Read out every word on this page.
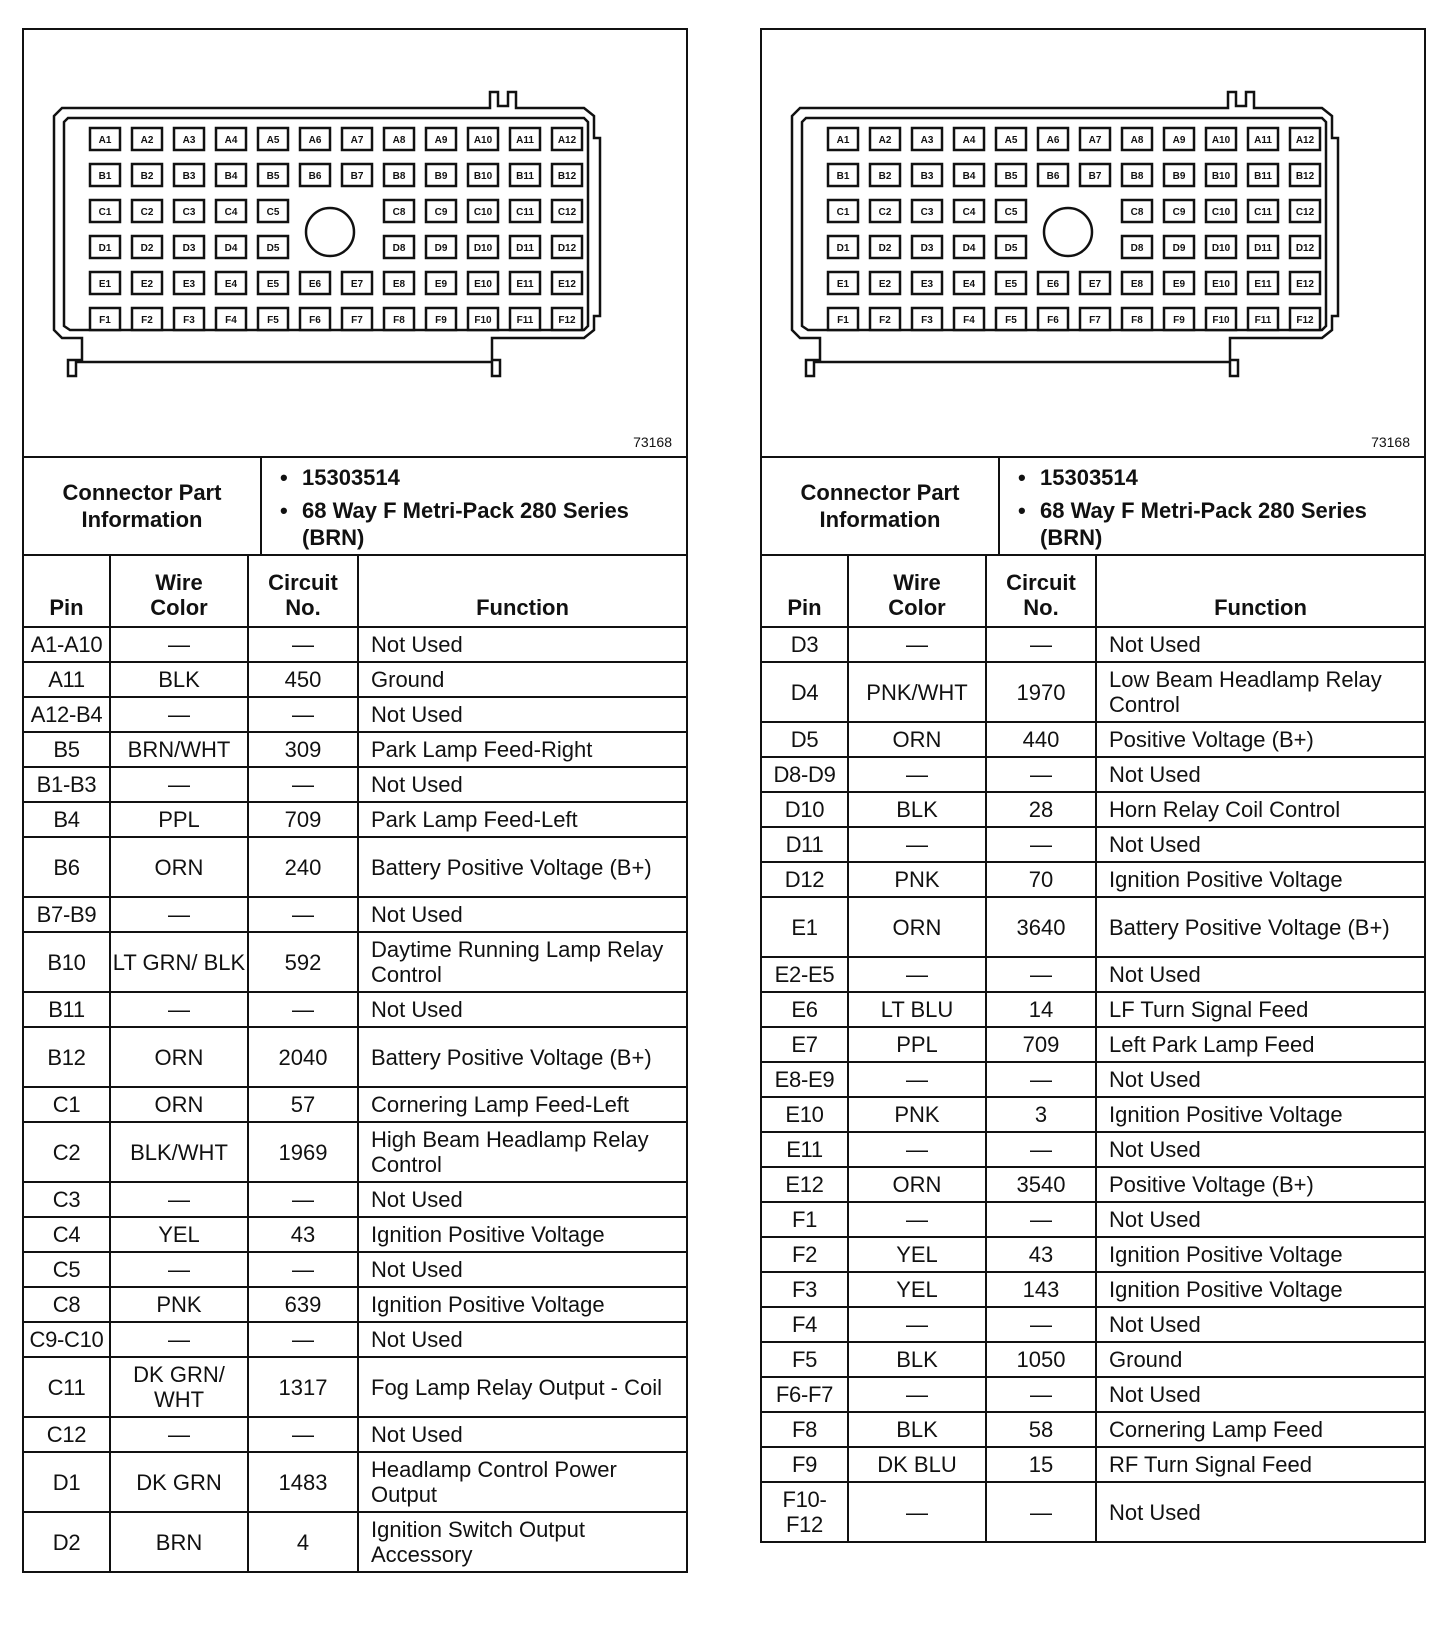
A1	A2	A3	A4	A5	A6	A7	A8	A9	A10 A11 A12
B1	B2	B3	B4	B5	B6	B7	B8	B9	B10 B11 B12
C1	C2	C3	C4	C5	C8	C9	C10 C11 C12
D1	D2	D3	D4	D5	D8	D9	D10 D11 D12
E1	E2	E3	E4	E5	E6	E7	E8	E9	E10 E11 E12
F1	F2	F3	F4	F5	F6	F7	F8	F9	F10	F11	F12
73168
Connector Part Information
• 15303514
• 68 Way F Metri-Pack 280 Series (BRN)
Pin	Wire Color	Circuit No.	Function
A1-A10	—	—	Not Used
A11	BLK	450	Ground
A12-B4	—	—	Not Used
B5	BRN/WHT	309	Park Lamp Feed-Right
B1-B3	—	—	Not Used
B4	PPL	709	Park Lamp Feed-Left
B6	ORN	240	Battery Positive Voltage (B+)
B7-B9	—	—	Not Used
B10	LT GRN/ BLK	592	Daytime Running Lamp Relay Control
B11	—	—	Not Used
B12	ORN	2040	Battery Positive Voltage (B+)
C1	ORN	57	Cornering Lamp Feed-Left
C2	BLK/WHT	1969	High Beam Headlamp Relay Control
C3	—	—	Not Used
C4	YEL	43	Ignition Positive Voltage
C5	—	—	Not Used
C8	PNK	639	Ignition Positive Voltage
C9-C10	—	—	Not Used
C11	DK GRN/ WHT	1317	Fog Lamp Relay Output - Coil
C12	—	—	Not Used
D1	DK GRN	1483	Headlamp Control Power Output
D2	BRN	4	Ignition Switch Output Accessory
A1	A2	A3	A4	A5	A6	A7	A8	A9	A10 A11 A12
B1	B2	B3	B4	B5	B6	B7	B8	B9	B10 B11 B12
C1	C2	C3	C4	C5	C8	C9	C10 C11 C12
D1	D2	D3	D4	D5	D8	D9	D10 D11 D12
E1	E2	E3	E4	E5	E6	E7	E8	E9	E10 E11 E12
F1	F2	F3	F4	F5	F6	F7	F8	F9	F10	F11	F12
73168
Connector Part Information
• 15303514
• 68 Way F Metri-Pack 280 Series (BRN)
Pin	Wire Color	Circuit No.	Function
D3	—	—	Not Used
D4	PNK/WHT	1970	Low Beam Headlamp Relay Control
D5	ORN	440	Positive Voltage (B+)
D8-D9	—	—	Not Used
D10	BLK	28	Horn Relay Coil Control
D11	—	—	Not Used
D12	PNK	70	Ignition Positive Voltage
E1	ORN	3640	Battery Positive Voltage (B+)
E2-E5	—	—	Not Used
E6	LT BLU	14	LF Turn Signal Feed
E7	PPL	709	Left Park Lamp Feed
E8-E9	—	—	Not Used
E10	PNK	3	Ignition Positive Voltage
E11	—	—	Not Used
E12	ORN	3540	Positive Voltage (B+)
F1	—	—	Not Used
F2	YEL	43	Ignition Positive Voltage
F3	YEL	143	Ignition Positive Voltage
F4	—	—	Not Used
F5	BLK	1050	Ground
F6-F7	—	—	Not Used
F8	BLK	58	Cornering Lamp Feed
F9	DK BLU	15	RF Turn Signal Feed
F10- F12	—	—	Not Used
